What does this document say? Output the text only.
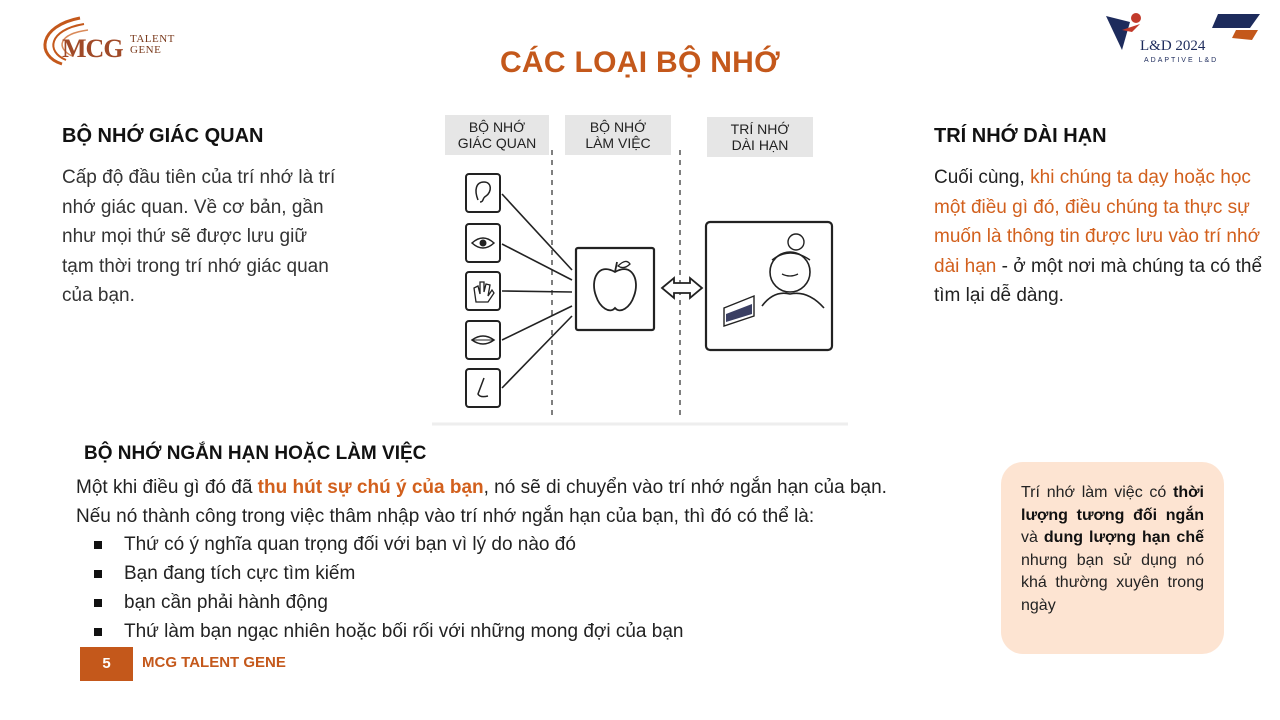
MCG TALENT
GENE	L&D 2024
ADAPTIVE L&D
CÁC LOẠI BỘ NHỚ
BỘ NHỚ GIÁC QUAN

Cấp độ đầu tiên của trí nhớ là trí nhớ giác quan. Về cơ bản, gần như mọi thứ sẽ được lưu giữ tạm thời trong trí nhớ giác quan của bạn.

BỘ NHỚ
GIÁC QUAN
BỘ NHỚ
LÀM VIỆC
TRÍ NHỚ
DÀI HẠN	TRÍ NHỚ DÀI HẠN

Cuối cùng, khi chúng ta dạy hoặc học một điều gì đó, điều chúng ta thực sự muốn là thông tin được lưu vào trí nhớ dài hạn - ở một nơi mà chúng ta có thể tìm lại dễ dàng.

BỘ NHỚ NGẮN HẠN HOẶC LÀM VIỆC
Một khi điều gì đó đã thu hút sự chú ý của bạn, nó sẽ di chuyển vào trí nhớ ngắn hạn của bạn.
Nếu nó thành công trong việc thâm nhập vào trí nhớ ngắn hạn của bạn, thì đó có thể là:
Thứ có ý nghĩa quan trọng đối với bạn vì lý do nào đó
Bạn đang tích cực tìm kiếm
bạn cần phải hành động
Thứ làm bạn ngạc nhiên hoặc bối rối với những mong đợi của bạn
Trí nhớ làm việc có thời lượng tương đối ngắn và dung lượng hạn chế nhưng bạn sử dụng nó khá thường xuyên trong ngày
5	MCG TALENT GENE
